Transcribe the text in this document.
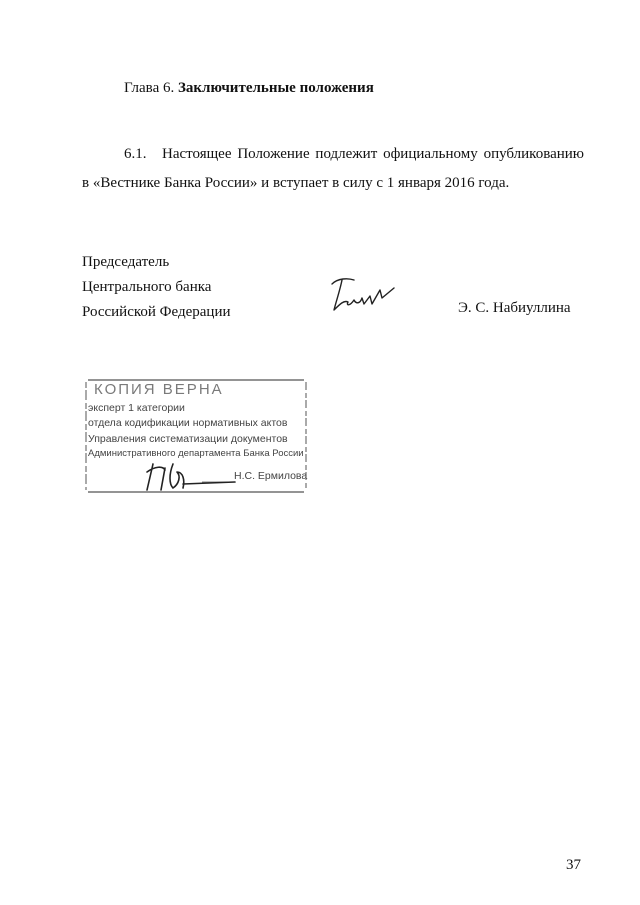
Глава 6. Заключительные положения
6.1. Настоящее Положение подлежит официальному опубликованию
в «Вестнике Банка России» и вступает в силу с 1 января 2016 года.
Председатель
Центрального банка
Российской Федерации	Э. С. Набиуллина
КОПИЯ ВЕРНА
эксперт 1 категории
отдела кодификации нормативных актов
Управления систематизации документов
Административного департамента Банка России
Н.С. Ермилова
37
